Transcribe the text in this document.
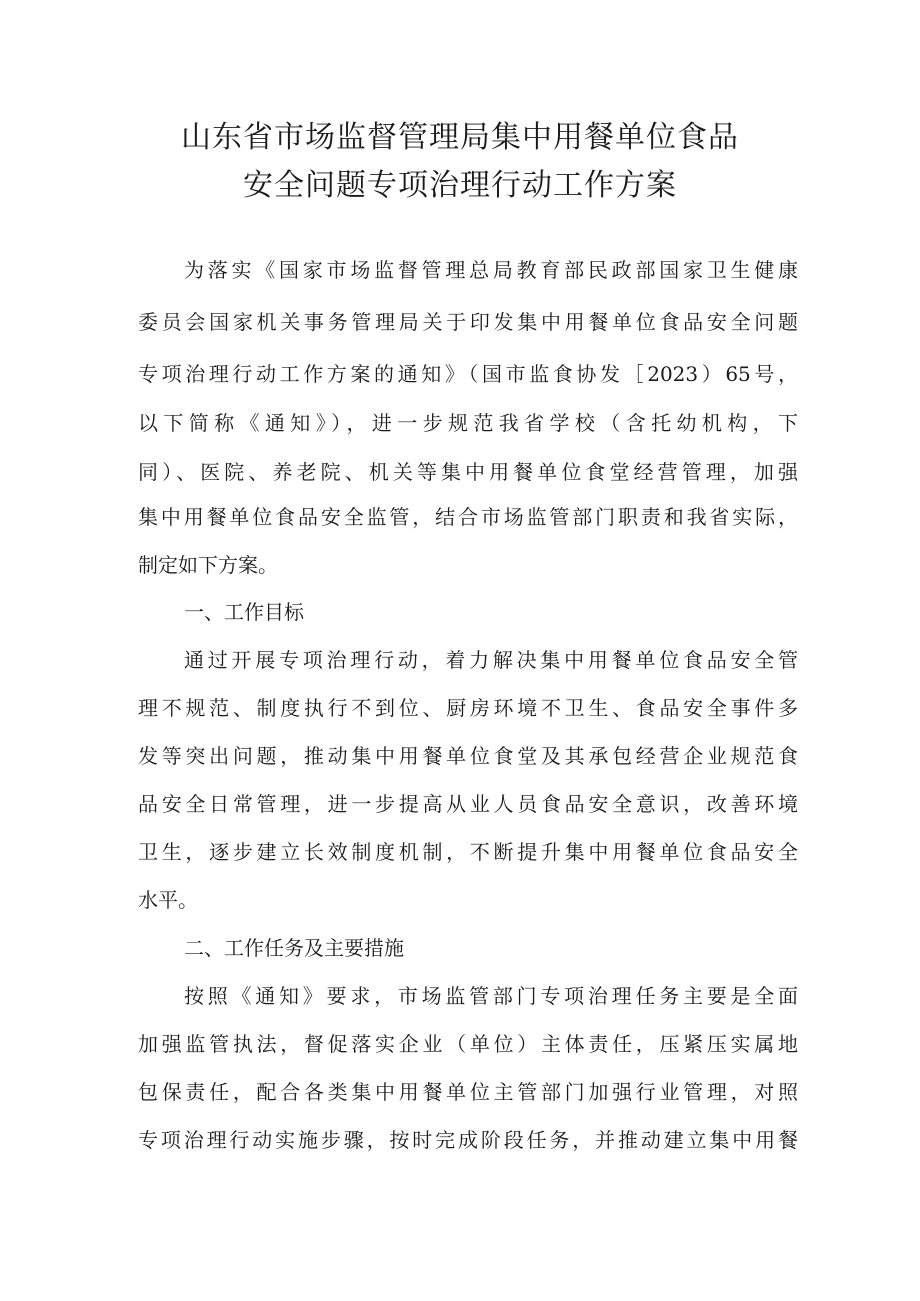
山东省市场监督管理局集中用餐单位食品
安全问题专项治理行动工作方案

为落实《国家市场监督管理总局教育部民政部国家卫生健康

委员会国家机关事务管理局关于印发集中用餐单位食品安全问题

专项治理行动工作方案的通知》（国市监食协发［2023）65号，

以下简称《通知》），进一步规范我省学校（含托幼机构，下

同）、医院、养老院、机关等集中用餐单位食堂经营管理，加强

集中用餐单位食品安全监管，结合市场监管部门职责和我省实际，

制定如下方案。

一、工作目标

通过开展专项治理行动，着力解决集中用餐单位食品安全管

理不规范、制度执行不到位、厨房环境不卫生、食品安全事件多

发等突出问题，推动集中用餐单位食堂及其承包经营企业规范食

品安全日常管理，进一步提高从业人员食品安全意识，改善环境

卫生，逐步建立长效制度机制，不断提升集中用餐单位食品安全

水平。

二、工作任务及主要措施

按照《通知》要求，市场监管部门专项治理任务主要是全面

加强监管执法，督促落实企业（单位）主体责任，压紧压实属地

包保责任，配合各类集中用餐单位主管部门加强行业管理，对照

专项治理行动实施步骤，按时完成阶段任务，并推动建立集中用餐
